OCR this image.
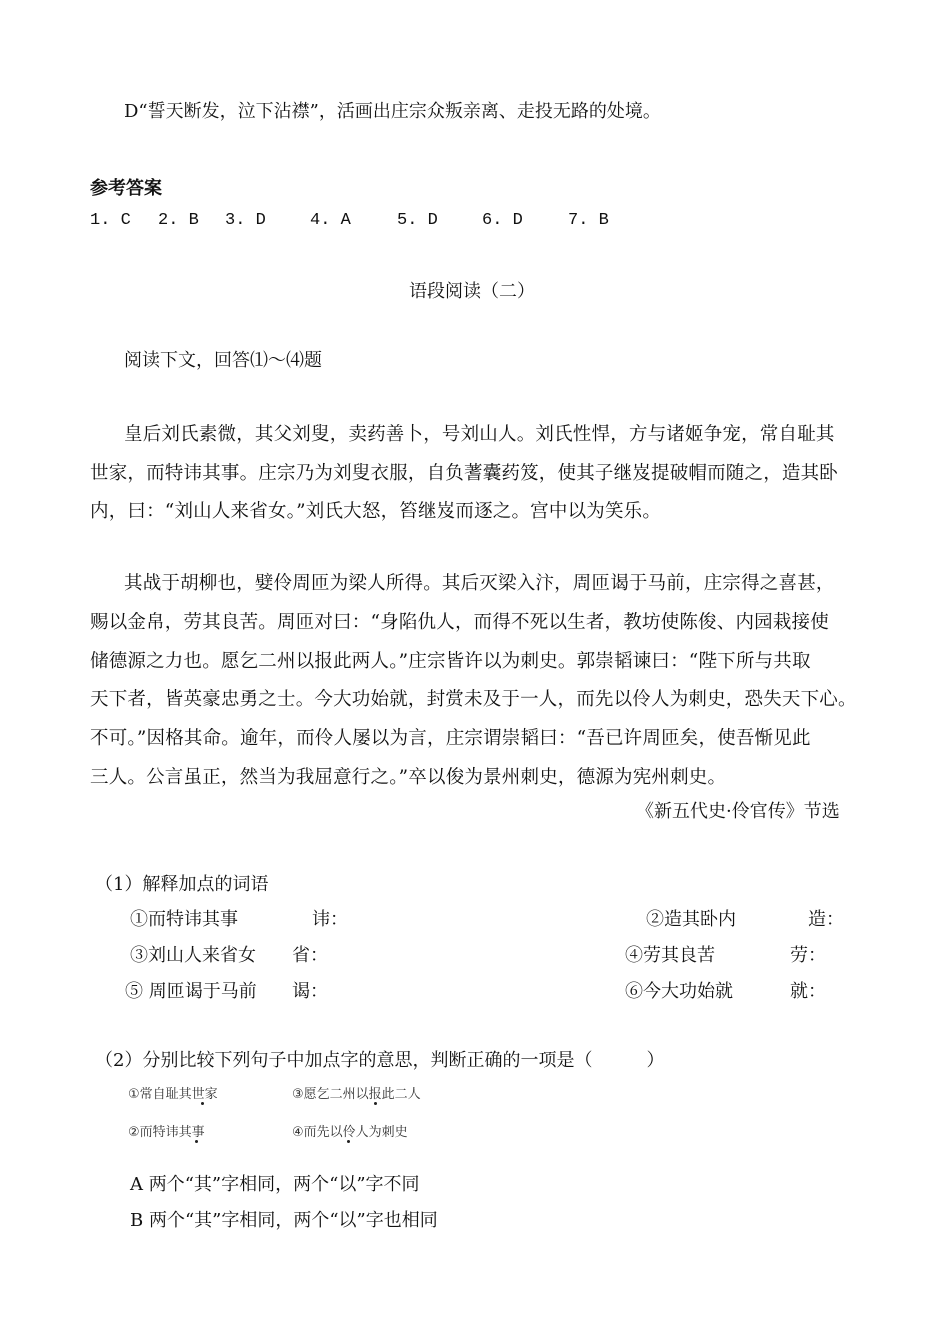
D“誓天断发，泣下沾襟”，活画出庄宗众叛亲离、走投无路的处境。
参考答案
1. C 2. B 3. D	4. A	5. D	6. D	7. B
语段阅读（二）
阅读下文，回答⑴～⑷题
皇后刘氏素微，其父刘叟，卖药善卜，号刘山人。刘氏性悍，方与诸姬争宠，常自耻其
世家，而特讳其事。庄宗乃为刘叟衣服，自负蓍囊药笈，使其子继岌提破帽而随之，造其卧
内，曰：“刘山人来省女。”刘氏大怒，笞继岌而逐之。宫中以为笑乐。
其战于胡柳也，嬖伶周匝为梁人所得。其后灭梁入汴，周匝谒于马前，庄宗得之喜甚，
赐以金帛，劳其良苦。周匝对曰：“身陷仇人，而得不死以生者，教坊使陈俊、内园栽接使
储德源之力也。愿乞二州以报此两人。”庄宗皆许以为刺史。郭崇韬谏曰：“陛下所与共取
天下者，皆英豪忠勇之士。今大功始就，封赏未及于一人，而先以伶人为刺史，恐失天下心。
不可。”因格其命。逾年，而伶人屡以为言，庄宗谓崇韬曰：“吾已许周匝矣，使吾惭见此
三人。公言虽正，然当为我屈意行之。”卒以俊为景州刺史，德源为宪州刺史。
《新五代史·伶官传》节选
（1）解释加点的词语
①而特讳其事	讳：	②造其卧内	造：
③刘山人来省女 省：	④劳其良苦	劳：
⑤ 周匝谒于马前 谒：	⑥今大功始就	就：
（2）分别比较下列句子中加点字的意思，判断正确的一项是（　　　）
①常自耻其世家	③愿乞二州以报此二人
②而特讳其事	④而先以伶人为刺史
A 两个“其”字相同，两个“以”字不同
B 两个“其”字相同，两个“以”字也相同
